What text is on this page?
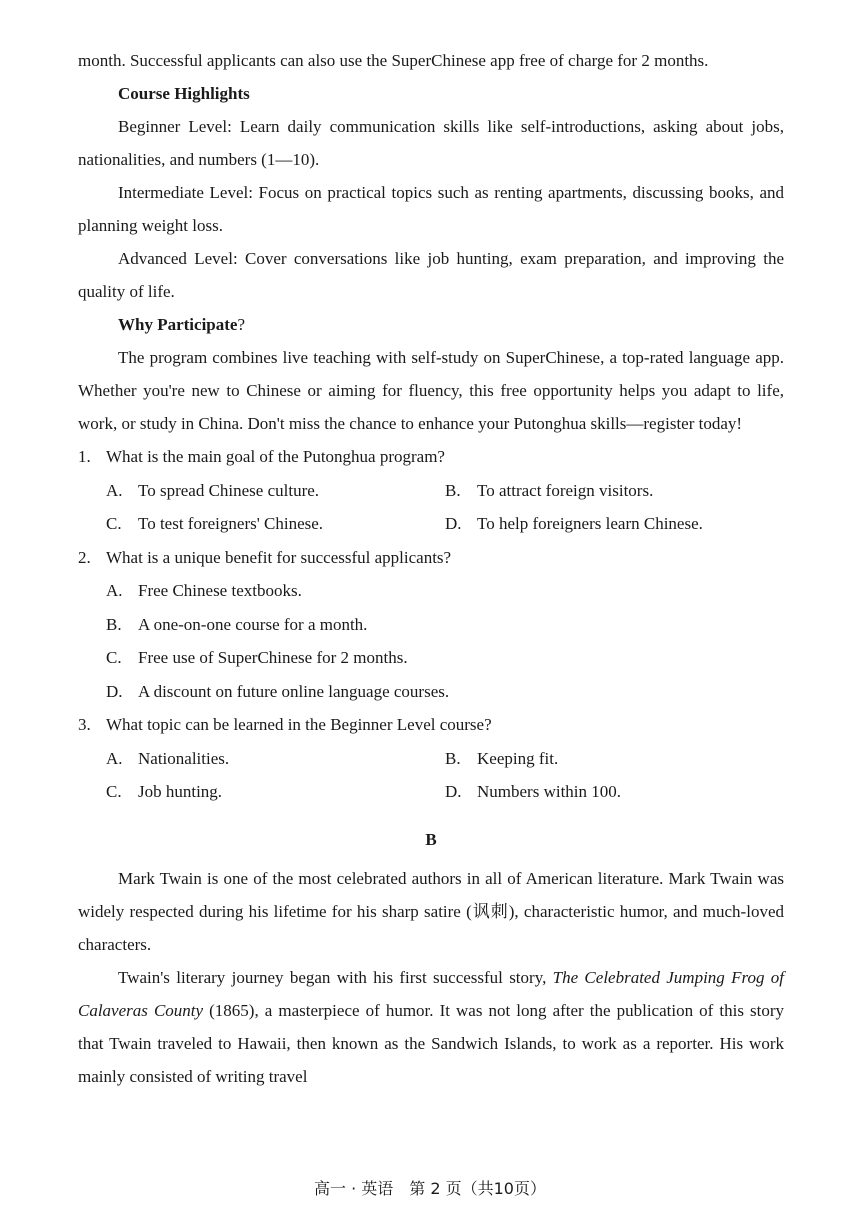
month. Successful applicants can also use the SuperChinese app free of charge for 2 months.

Course Highlights

Beginner Level: Learn daily communication skills like self-introductions, asking about jobs, nationalities, and numbers (1—10).

Intermediate Level: Focus on practical topics such as renting apartments, discussing books, and planning weight loss.

Advanced Level: Cover conversations like job hunting, exam preparation, and improving the quality of life.

Why Participate?

The program combines live teaching with self-study on SuperChinese, a top-rated language app. Whether you're new to Chinese or aiming for fluency, this free opportunity helps you adapt to life, work, or study in China. Don't miss the chance to enhance your Putonghua skills—register today!

1. What is the main goal of the Putonghua program?
A. To spread Chinese culture.	B. To attract foreign visitors.
C. To test foreigners' Chinese.	D. To help foreigners learn Chinese.
2. What is a unique benefit for successful applicants?
A. Free Chinese textbooks.
B. A one-on-one course for a month.
C. Free use of SuperChinese for 2 months.
D. A discount on future online language courses.
3. What topic can be learned in the Beginner Level course?
A. Nationalities.	B. Keeping fit.
C. Job hunting.	D. Numbers within 100.
B

Mark Twain is one of the most celebrated authors in all of American literature. Mark Twain was widely respected during his lifetime for his sharp satire (讽刺), characteristic humor, and much-loved characters.

Twain's literary journey began with his first successful story, The Celebrated Jumping Frog of Calaveras County (1865), a masterpiece of humor. It was not long after the publication of this story that Twain traveled to Hawaii, then known as the Sandwich Islands, to work as a reporter. His work mainly consisted of writing travel

高一 · 英语　第 2 页（共10页）
